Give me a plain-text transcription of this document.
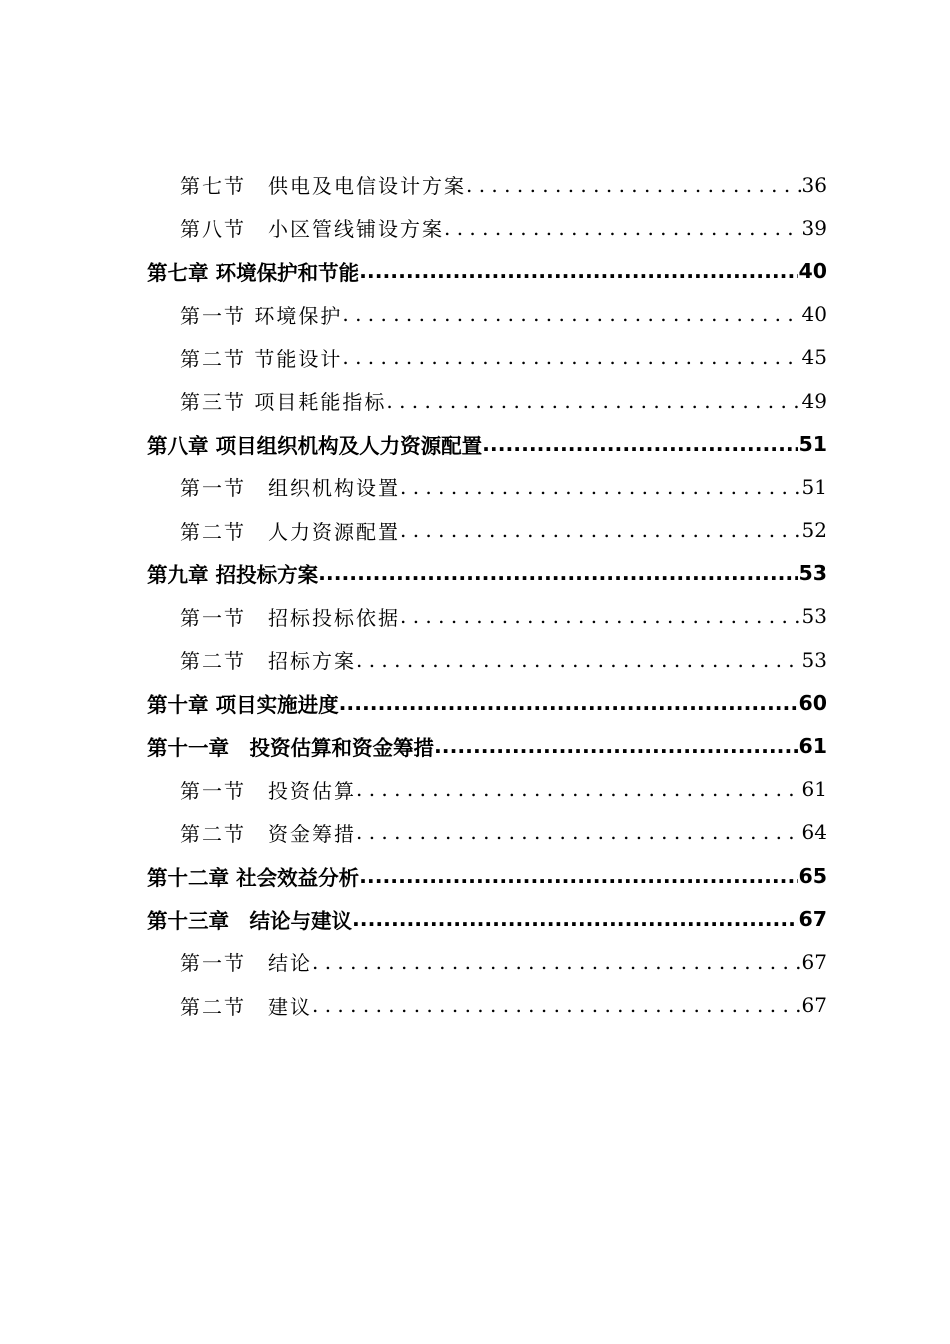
第七节　供电及电信设计方案 . . .	36
第八节　小区管线铺设方案 . . .	39
第七章 环境保护和节能 .....	40
第一节 环境保护 . . .	40
第二节 节能设计 . . .	45
第三节 项目耗能指标 . . .	49
第八章 项目组织机构及人力资源配置 .....	51
第一节　组织机构设置 . . .	51
第二节　人力资源配置 . . .	52
第九章 招投标方案 .....	53
第一节　招标投标依据 . . .	53
第二节　招标方案 . . .	53
第十章 项目实施进度 .....	60
第十一章　投资估算和资金筹措 .....	61
第一节　投资估算 . . .	61
第二节　资金筹措 . . .	64
第十二章 社会效益分析 .....	65
第十三章　结论与建议 .....	67
第一节　结论 . . .	67
第二节　建议 . . .	67
